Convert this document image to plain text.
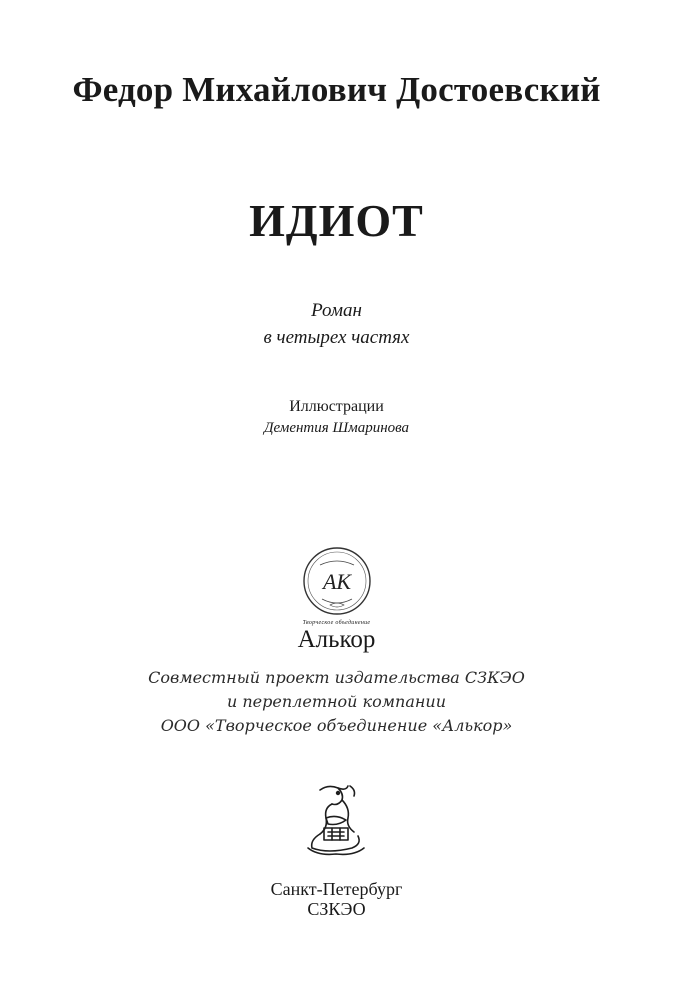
Федор Михайлович Достоевский
ИДИОТ
Роман
в четырех частях
Иллюстрации
Дементия Шмаринова
АК
Творческое объединение
Алькор
Совместный проект издательства СЗКЭО
и переплетной компании
ООО «Творческое объединение «Алькор»
Санкт-Петербург
СЗКЭО
